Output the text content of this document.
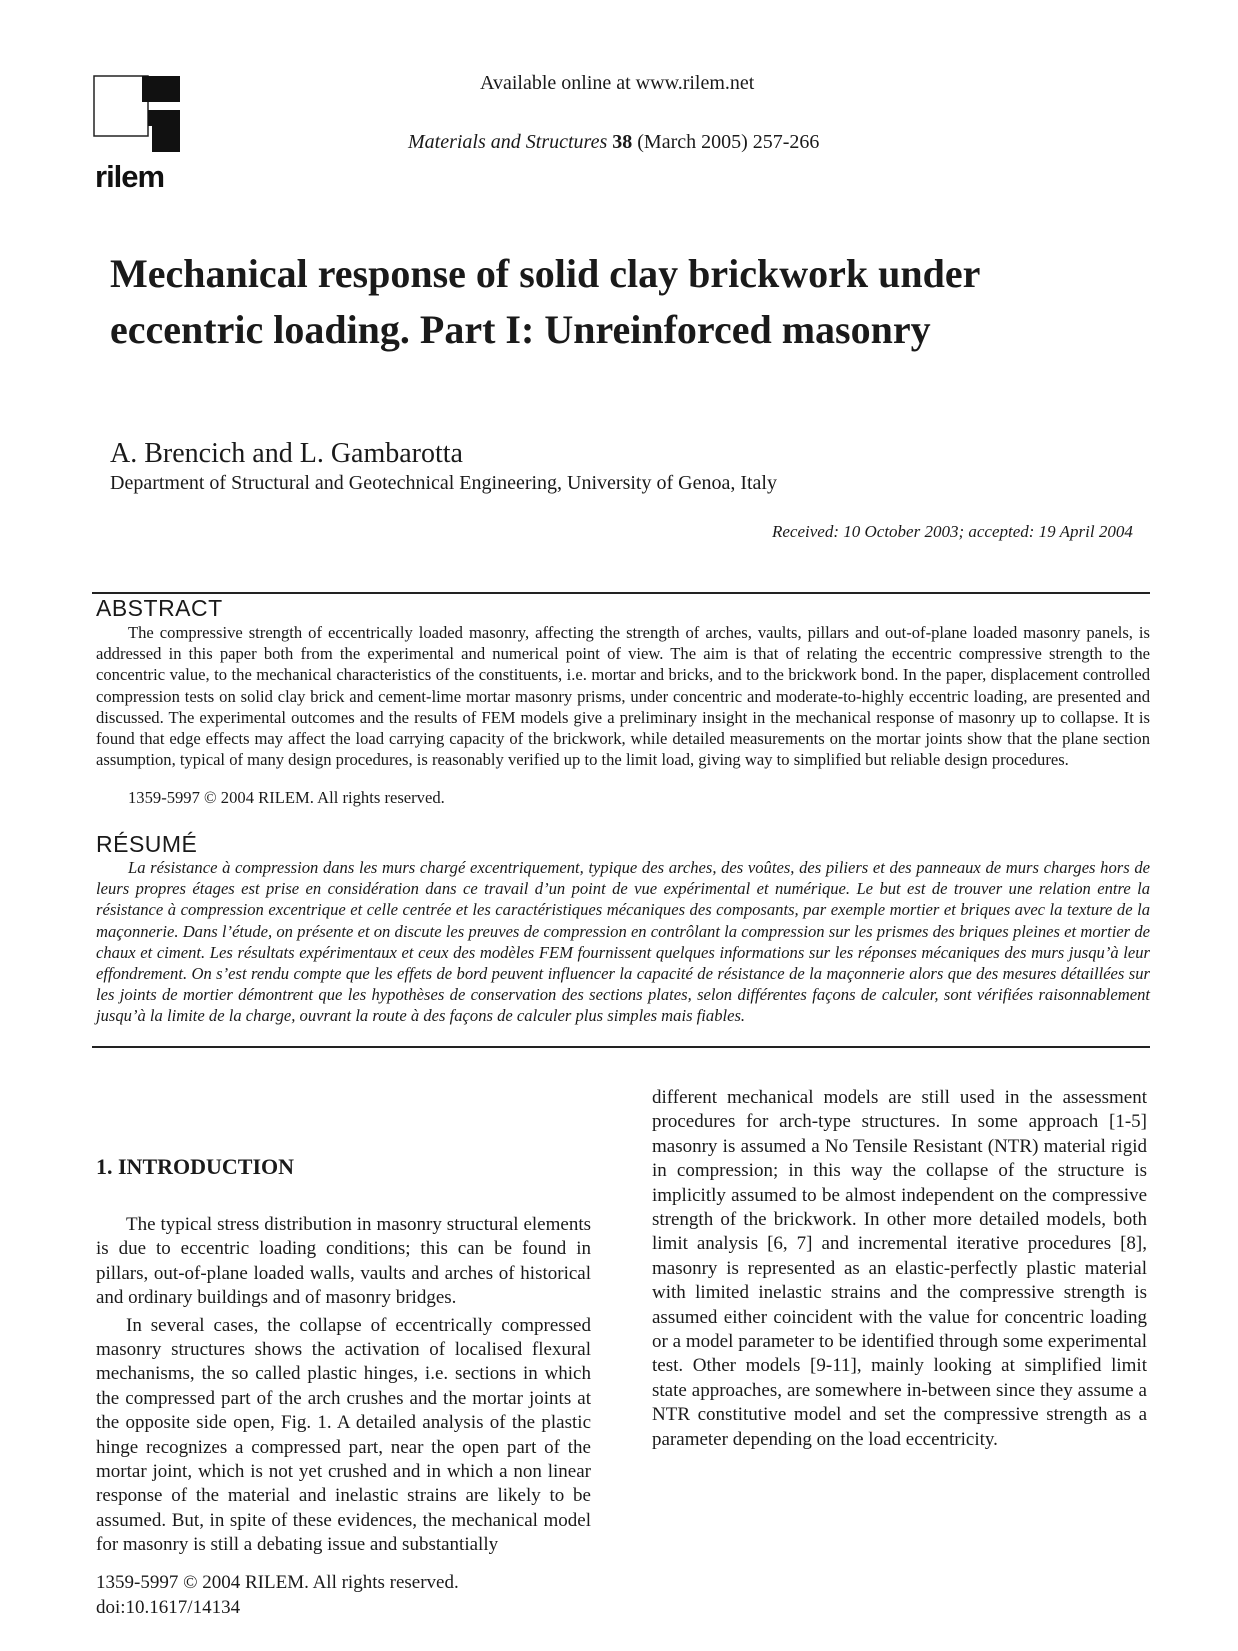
rilem
Available online at www.rilem.net
Materials and Structures 38 (March 2005) 257-266
Mechanical response of solid clay brickwork under eccentric loading. Part I: Unreinforced masonry
A. Brencich and L. Gambarotta
Department of Structural and Geotechnical Engineering, University of Genoa, Italy
Received: 10 October 2003; accepted: 19 April 2004
ABSTRACT
The compressive strength of eccentrically loaded masonry, affecting the strength of arches, vaults, pillars and out-of-plane loaded masonry panels, is addressed in this paper both from the experimental and numerical point of view. The aim is that of relating the eccentric compressive strength to the concentric value, to the mechanical characteristics of the constituents, i.e. mortar and bricks, and to the brickwork bond. In the paper, displacement controlled compression tests on solid clay brick and cement-lime mortar masonry prisms, under concentric and moderate-to-highly eccentric loading, are presented and discussed. The experimental outcomes and the results of FEM models give a preliminary insight in the mechanical response of masonry up to collapse. It is found that edge effects may affect the load carrying capacity of the brickwork, while detailed measurements on the mortar joints show that the plane section assumption, typical of many design procedures, is reasonably verified up to the limit load, giving way to simplified but reliable design procedures.
1359-5997 © 2004 RILEM. All rights reserved.
RÉSUMÉ
La résistance à compression dans les murs chargé excentriquement, typique des arches, des voûtes, des piliers et des panneaux de murs charges hors de leurs propres étages est prise en considération dans ce travail d’un point de vue expérimental et numérique. Le but est de trouver une relation entre la résistance à compression excentrique et celle centrée et les caractéristiques mécaniques des composants, par exemple mortier et briques avec la texture de la maçonnerie. Dans l’étude, on présente et on discute les preuves de compression en contrôlant la compression sur les prismes des briques pleines et mortier de chaux et ciment. Les résultats expérimentaux et ceux des modèles FEM fournissent quelques informations sur les réponses mécaniques des murs jusqu’à leur effondrement. On s’est rendu compte que les effets de bord peuvent influencer la capacité de résistance de la maçonnerie alors que des mesures détaillées sur les joints de mortier démontrent que les hypothèses de conservation des sections plates, selon différentes façons de calculer, sont vérifiées raisonnablement jusqu’à la limite de la charge, ouvrant la route à des façons de calculer plus simples mais fiables.
1. INTRODUCTION

The typical stress distribution in masonry structural elements is due to eccentric loading conditions; this can be found in pillars, out-of-plane loaded walls, vaults and arches of historical and ordinary buildings and of masonry bridges.

In several cases, the collapse of eccentrically compressed masonry structures shows the activation of localised flexural mechanisms, the so called plastic hinges, i.e. sections in which the compressed part of the arch crushes and the mortar joints at the opposite side open, Fig. 1. A detailed analysis of the plastic hinge recognizes a compressed part, near the open part of the mortar joint, which is not yet crushed and in which a non linear response of the material and inelastic strains are likely to be assumed. But, in spite of these evidences, the mechanical model for masonry is still a debating issue and substantially

different mechanical models are still used in the assessment procedures for arch-type structures. In some approach [1-5] masonry is assumed a No Tensile Resistant (NTR) material rigid in compression; in this way the collapse of the structure is implicitly assumed to be almost independent on the compressive strength of the brickwork. In other more detailed models, both limit analysis [6, 7] and incremental iterative procedures [8], masonry is represented as an elastic-perfectly plastic material with limited inelastic strains and the compressive strength is assumed either coincident with the value for concentric loading or a model parameter to be identified through some experimental test. Other models [9-11], mainly looking at simplified limit state approaches, are somewhere in-between since they assume a NTR constitutive model and set the compressive strength as a parameter depending on the load eccentricity.

1359-5997 © 2004 RILEM. All rights reserved.
doi:10.1617/14134
